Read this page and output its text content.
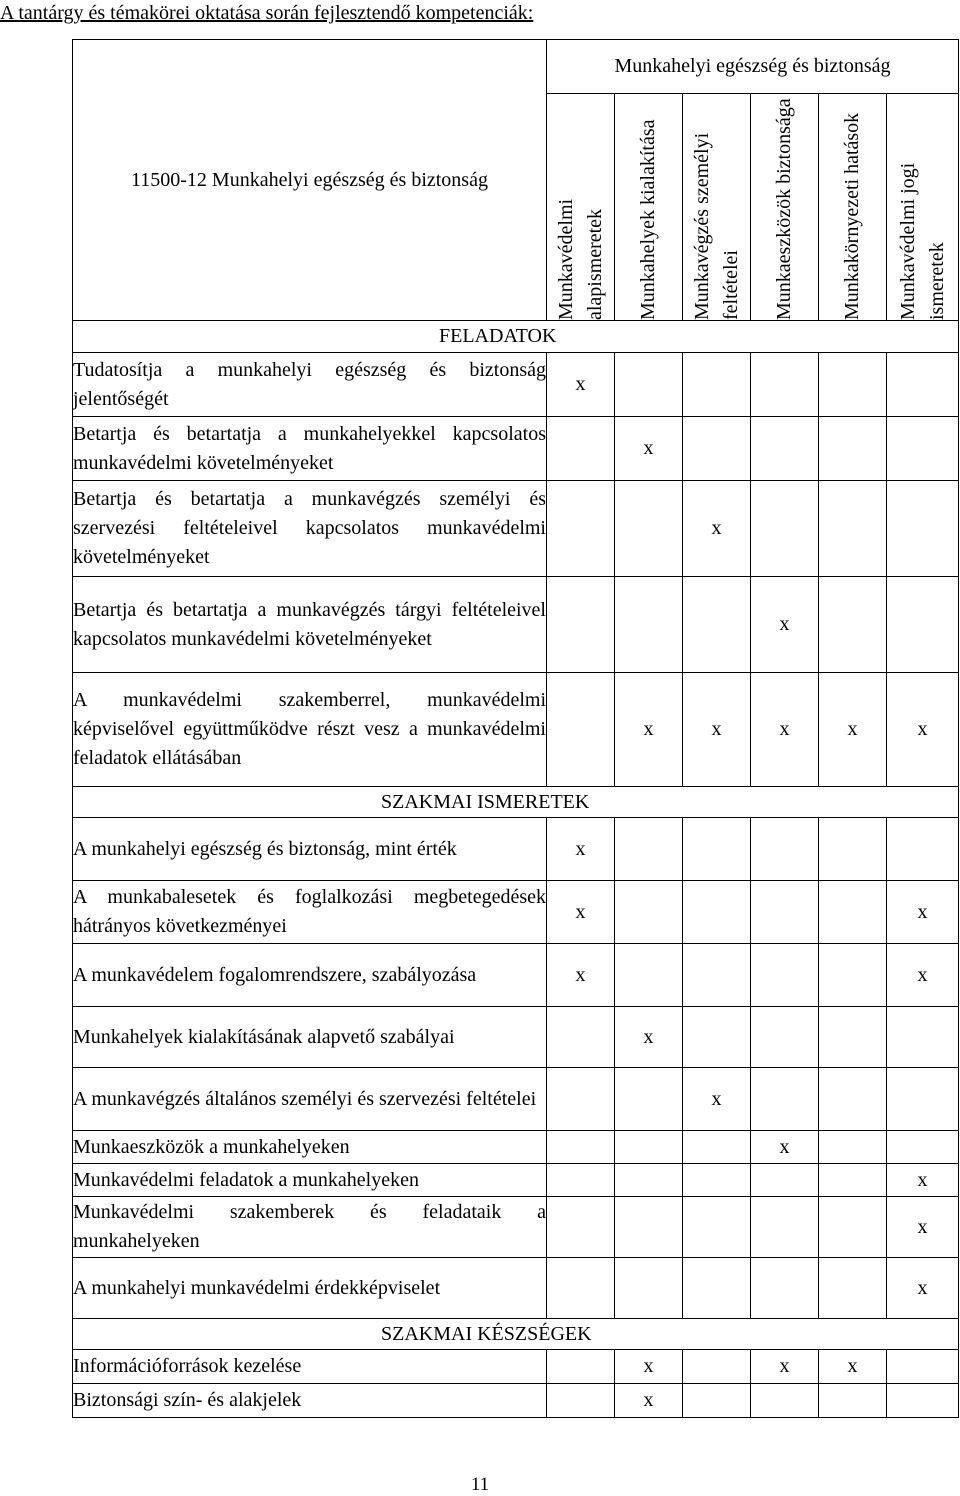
A tantárgy és témakörei oktatása során fejlesztendő kompetenciák:
11500-12 Munkahelyi egészség és biztonság	Munkahelyi egészség és biztonság					

	Munkavédelmi alapismeretek	Munkahelyek kialakítása	Munkavégzés személyi feltételei	Munkaeszközök biztonsága	Munkakörnyezeti hatások	Munkavédelmi jogi ismeretek

FELADATOK						
Tudatosítja a munkahelyi egészség és biztonság jelentőségét	x					
Betartja és betartatja a munkahelyekkel kapcsolatos munkavédelmi követelményeket		x				
Betartja és betartatja a munkavégzés személyi és szervezési feltételeivel kapcsolatos munkavédelmi követelményeket			x			
Betartja és betartatja a munkavégzés tárgyi feltételeivel kapcsolatos munkavédelmi követelményeket				x		
A munkavédelmi szakemberrel, munkavédelmi képviselővel együttműködve részt vesz a munkavédelmi feladatok ellátásában		x	x	x	x	x
SZAKMAI ISMERETEK						
A munkahelyi egészség és biztonság, mint érték	x					
A munkabalesetek és foglalkozási megbetegedések hátrányos következményei	x					x
A munkavédelem fogalomrendszere, szabályozása	x					x
Munkahelyek kialakításának alapvető szabályai		x				
A munkavégzés általános személyi és szervezési feltételei			x			
Munkaeszközök a munkahelyeken				x		
Munkavédelmi feladatok a munkahelyeken						x
Munkavédelmi szakemberek és feladataik a munkahelyeken						x
A munkahelyi munkavédelmi érdekképviselet						x
SZAKMAI KÉSZSÉGEK						
Információforrások kezelése		x		x	x	
Biztonsági szín- és alakjelek		x				
11
